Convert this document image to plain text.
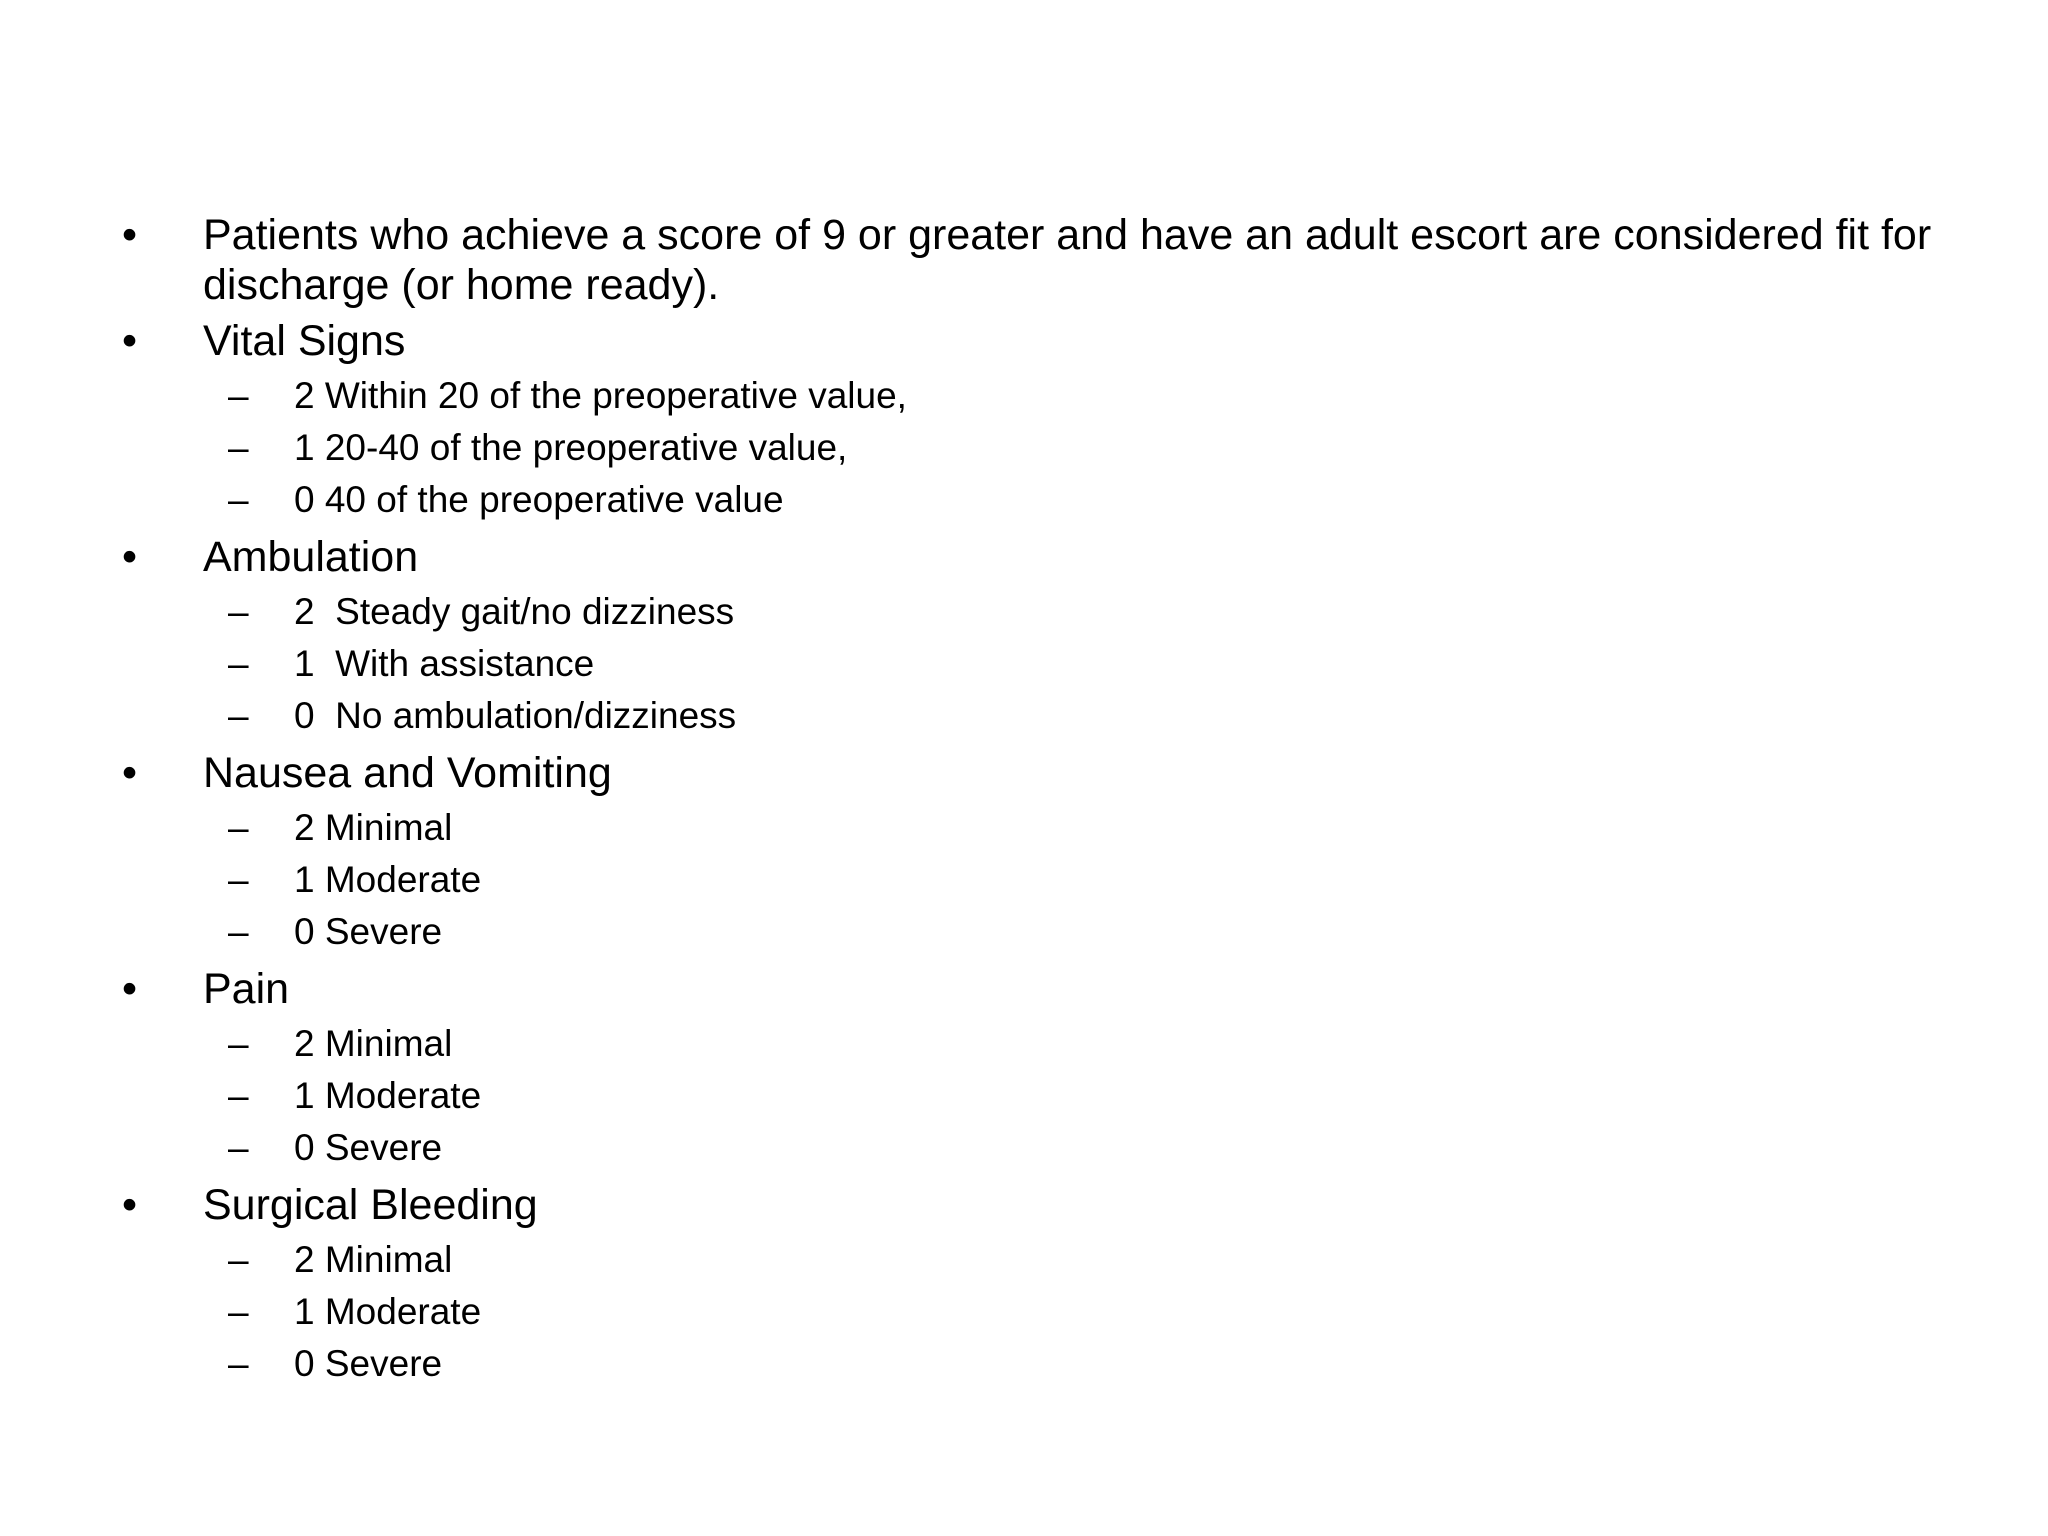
•	Patients who achieve a score of 9 or greater and have an adult escort are considered fit for discharge (or home ready).
•	Vital Signs
– 2 Within 20 of the preoperative value,
– 1 20-40 of the preoperative value,
– 0 40 of the preoperative value
•	Ambulation
– 2  Steady gait/no dizziness
– 1  With assistance
– 0  No ambulation/dizziness
•	Nausea and Vomiting
– 2 Minimal
– 1 Moderate
– 0 Severe
•	Pain
– 2 Minimal
– 1 Moderate
– 0 Severe
•	Surgical Bleeding
– 2 Minimal
– 1 Moderate
– 0 Severe
